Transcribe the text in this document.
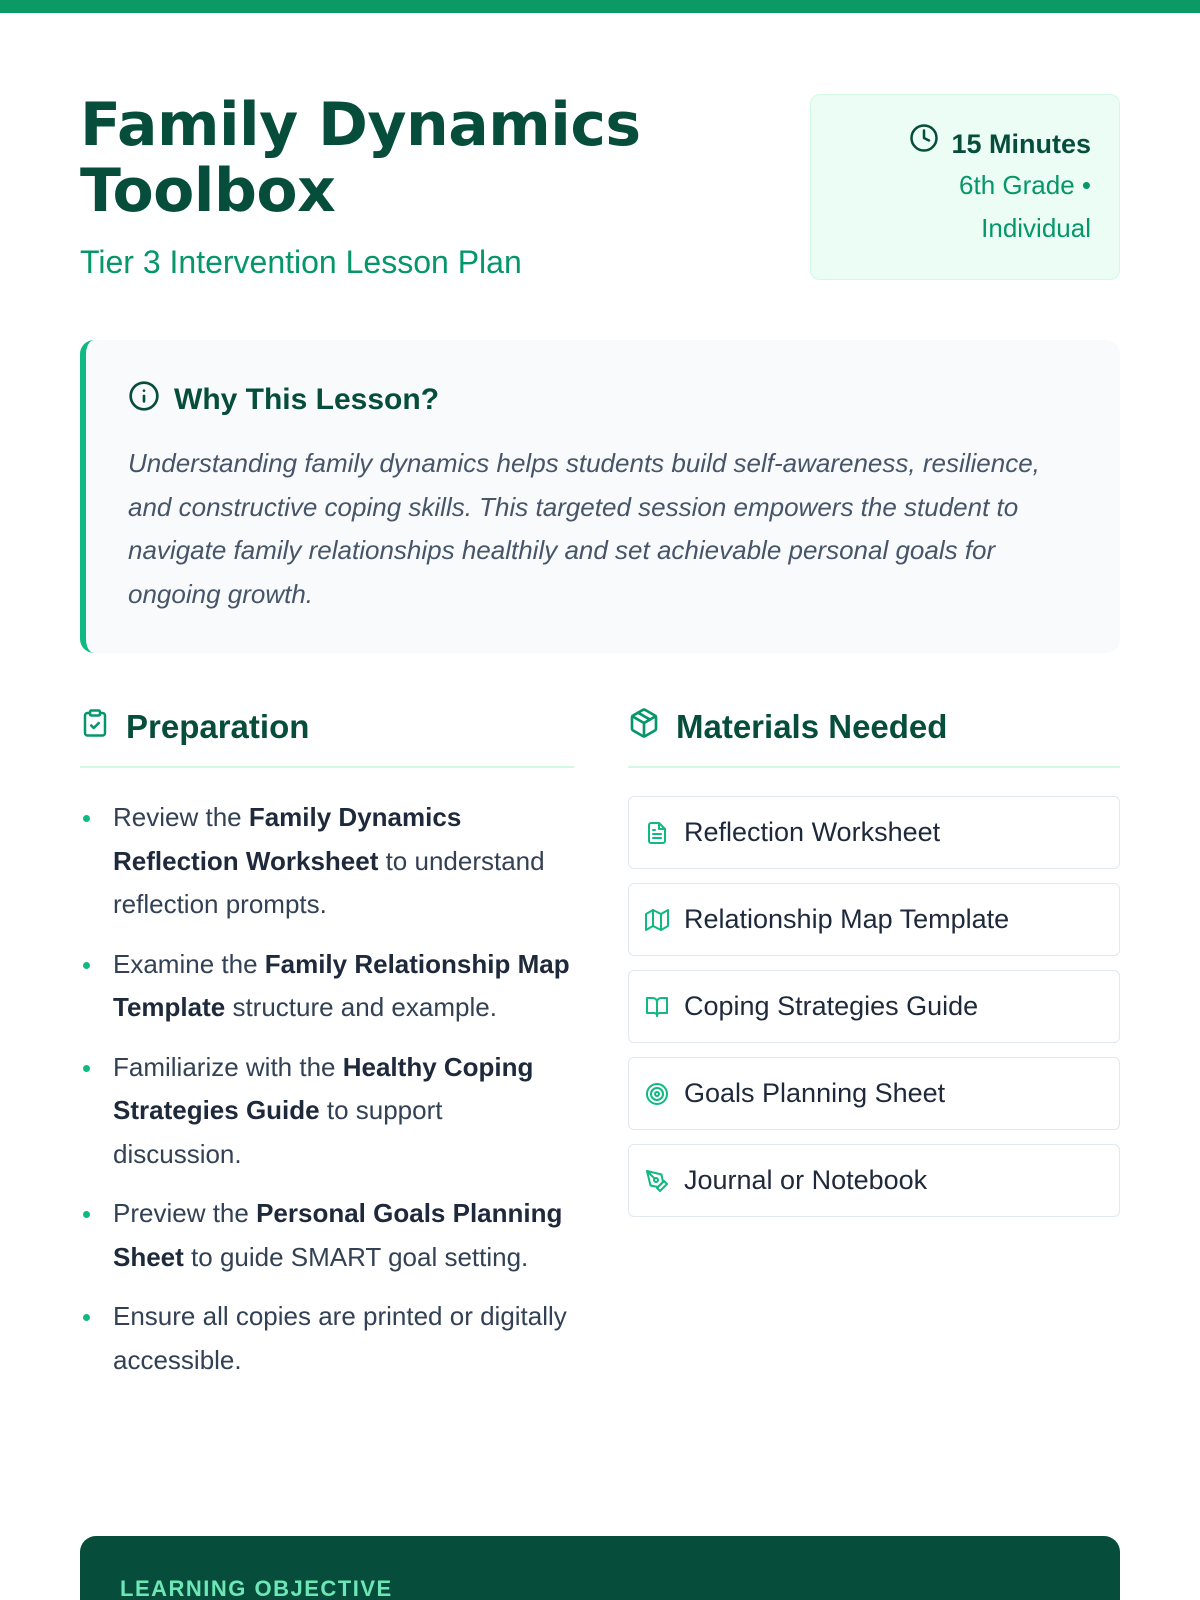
Family Dynamics
Toolbox
Tier 3 Intervention Lesson Plan
15 Minutes
6th Grade •
Individual
Why This Lesson?

Understanding family dynamics helps students build self-awareness, resilience, and constructive coping skills. This targeted session empowers the student to navigate family relationships healthily and set achievable personal goals for ongoing growth.

Preparation	Materials Needed
Review the Family Dynamics Reflection Worksheet to understand reflection prompts.
Examine the Family Relationship Map Template structure and example.
Familiarize with the Healthy Coping Strategies Guide to support discussion.
Preview the Personal Goals Planning Sheet to guide SMART goal setting.
Ensure all copies are printed or digitally accessible.
Reflection Worksheet
Relationship Map Template
Coping Strategies Guide
Goals Planning Sheet
Journal or Notebook
LEARNING OBJECTIVE
